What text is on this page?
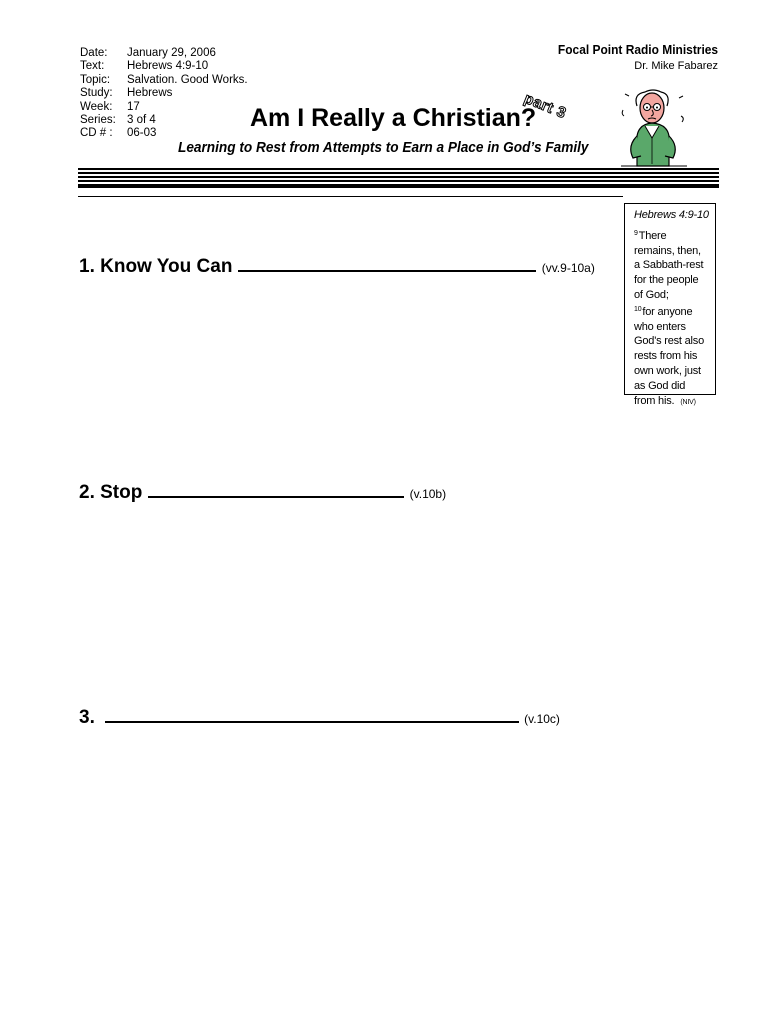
Date:	January 29, 2006
Text:	Hebrews 4:9-10
Topic:	Salvation. Good Works.
Study:	Hebrews
Week:	17
Series: 3 of 4
CD # :	06-03
Focal Point Radio Ministries
Dr. Mike Fabarez
part 3
Am I Really a Christian?
Learning to Rest from Attempts to Earn a Place in God’s Family
Hebrews 4:9-10
$^9$There remains, then, a Sabbath-rest for the people of God;
$^{10}$for anyone who enters God's rest also rests from his own work, just as God did from his. (NIV)
1. Know You Can	(vv.9-10a)
2. Stop	(v.10b)
3.	(v.10c)
